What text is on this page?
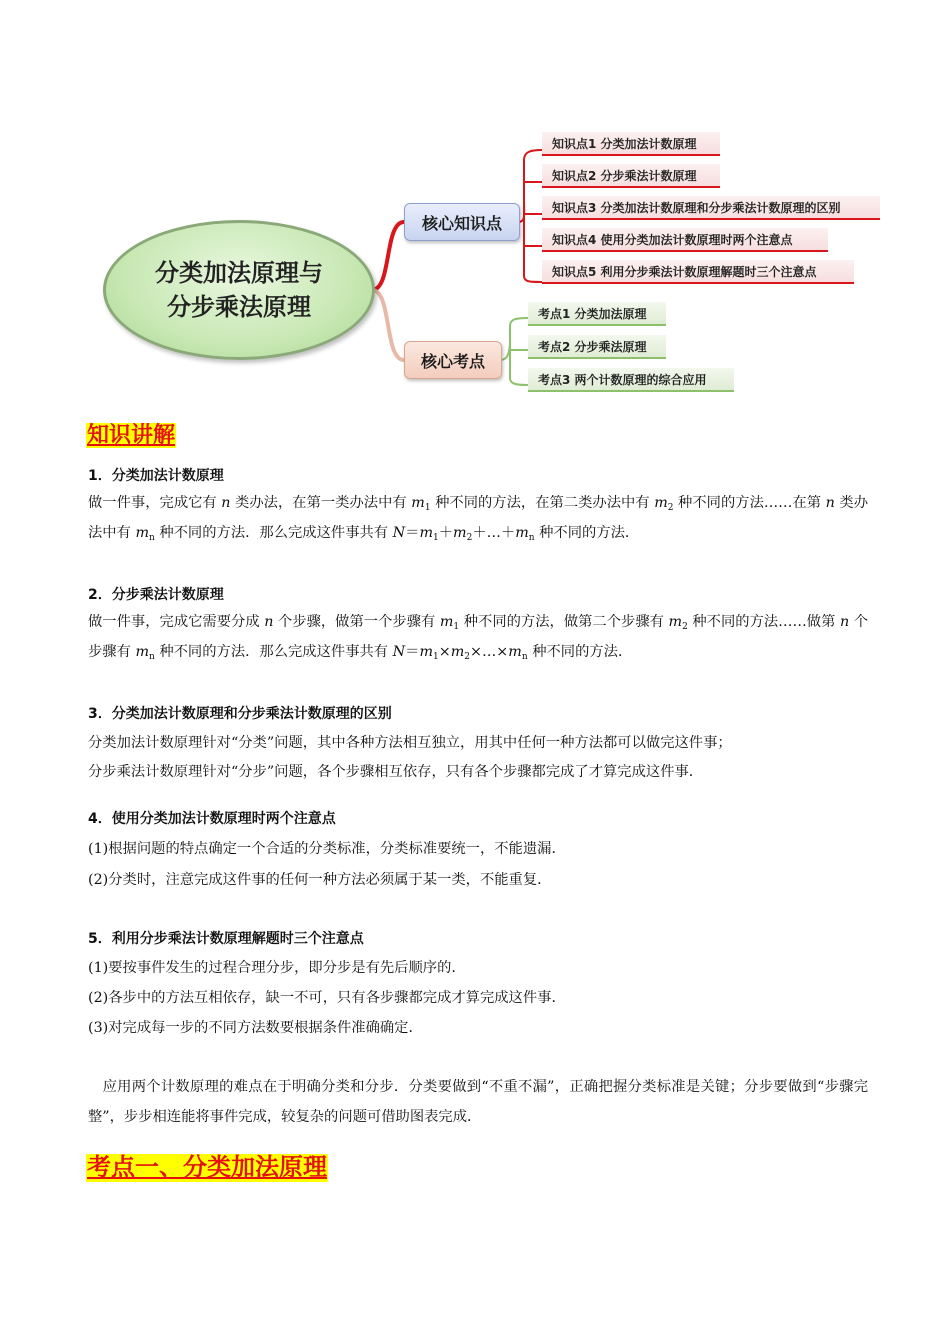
分类加法原理与
分步乘法原理
核心知识点
核心考点
知识点1 分类加法计数原理
知识点2 分步乘法计数原理
知识点3 分类加法计数原理和分步乘法计数原理的区别
知识点4 使用分类加法计数原理时两个注意点
知识点5 利用分步乘法计数原理解题时三个注意点
考点1 分类加法原理
考点2 分步乘法原理
考点3 两个计数原理的综合应用
知识讲解
1．分类加法计数原理
做一件事，完成它有 n 类办法，在第一类办法中有 $m_1$ 种不同的方法，在第二类办法中有 $m_2$ 种不同的方法……在第 n 类办法中有 $m_n$ 种不同的方法．那么完成这件事共有 $N=m_1+m_2+\dots+m_n$ 种不同的方法．
2．分步乘法计数原理
做一件事，完成它需要分成 n 个步骤，做第一个步骤有 $m_1$ 种不同的方法，做第二个步骤有 $m_2$ 种不同的方法……做第 n 个步骤有 $m_n$ 种不同的方法．那么完成这件事共有 $N=m_1\times m_2\times\dots\times m_n$ 种不同的方法．
3．分类加法计数原理和分步乘法计数原理的区别
分类加法计数原理针对“分类”问题，其中各种方法相互独立，用其中任何一种方法都可以做完这件事；
分步乘法计数原理针对“分步”问题，各个步骤相互依存，只有各个步骤都完成了才算完成这件事．
4．使用分类加法计数原理时两个注意点
(1)根据问题的特点确定一个合适的分类标准，分类标准要统一，不能遗漏．
(2)分类时，注意完成这件事的任何一种方法必须属于某一类，不能重复．
5．利用分步乘法计数原理解题时三个注意点
(1)要按事件发生的过程合理分步，即分步是有先后顺序的．
(2)各步中的方法互相依存，缺一不可，只有各步骤都完成才算完成这件事．
(3)对完成每一步的不同方法数要根据条件准确确定．
　应用两个计数原理的难点在于明确分类和分步．分类要做到“不重不漏”，正确把握分类标准是关键；分步要做到“步骤完整”，步步相连能将事件完成，较复杂的问题可借助图表完成．
考点一、分类加法原理
